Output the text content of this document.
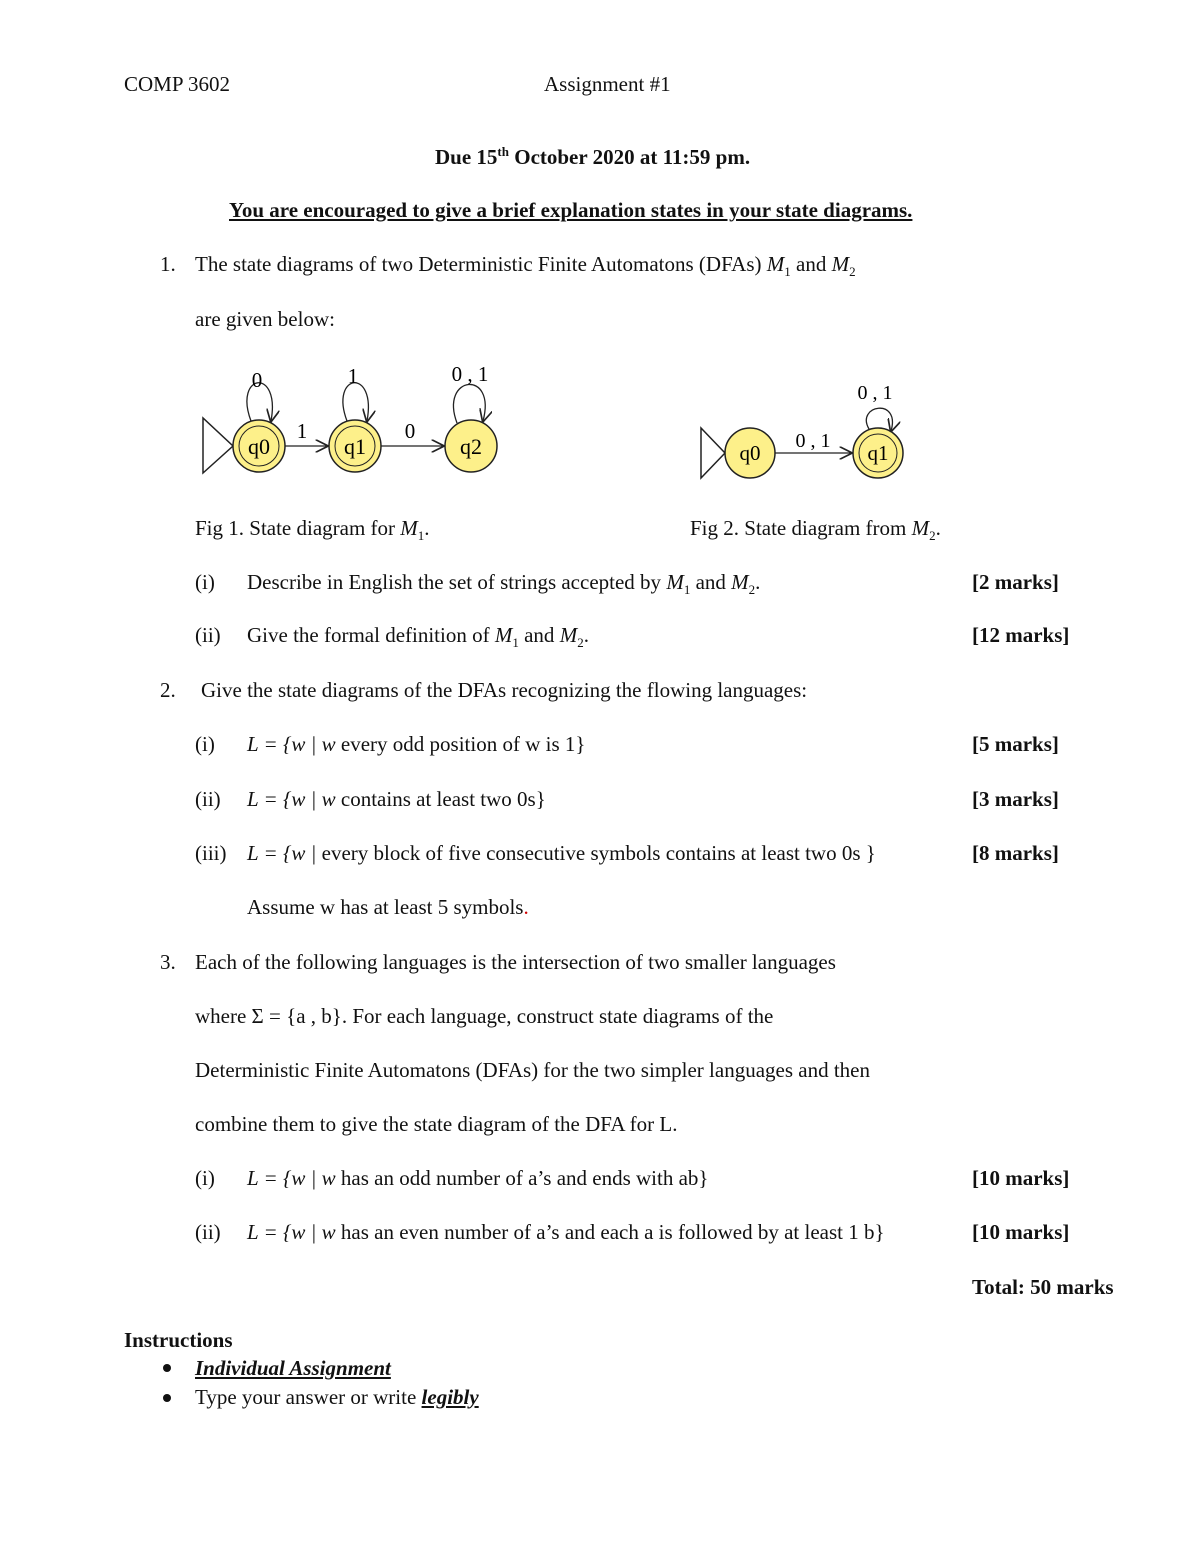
COMP 3602	Assignment #1
Due 15th October 2020 at 11:59 pm.
You are encouraged to give a brief explanation states in your state diagrams.
1. The state diagrams of two Deterministic Finite Automatons (DFAs) $M_1$ and $M_2$
are given below:
q0	q1	q2
1	0
0	1	0 , 1
q0	q1
0 , 1
0 , 1
Fig 1. State diagram for $M_1$.	Fig 2. State diagram from $M_2$.
(i) Describe in English the set of strings accepted by $M_1$ and $M_2$.	[2 marks]
(ii) Give the formal definition of $M_1$ and $M_2$.	[12 marks]
2. Give the state diagrams of the DFAs recognizing the flowing languages:
(i) L = {w | w every odd position of w is 1}	[5 marks]
(ii) L = {w | w contains at least two 0s}	[3 marks]
(iii) L = {w | every block of five consecutive symbols contains at least two 0s }	[8 marks]
Assume w has at least 5 symbols.
3. Each of the following languages is the intersection of two smaller languages
where Σ = {a , b}. For each language, construct state diagrams of the
Deterministic Finite Automatons (DFAs) for the two simpler languages and then
combine them to give the state diagram of the DFA for L.
(i) L = {w | w has an odd number of a’s and ends with ab}	[10 marks]
(ii) L = {w | w has an even number of a’s and each a is followed by at least 1 b}	[10 marks]
Total: 50 marks
Instructions
Individual Assignment
Type your answer or write legibly
